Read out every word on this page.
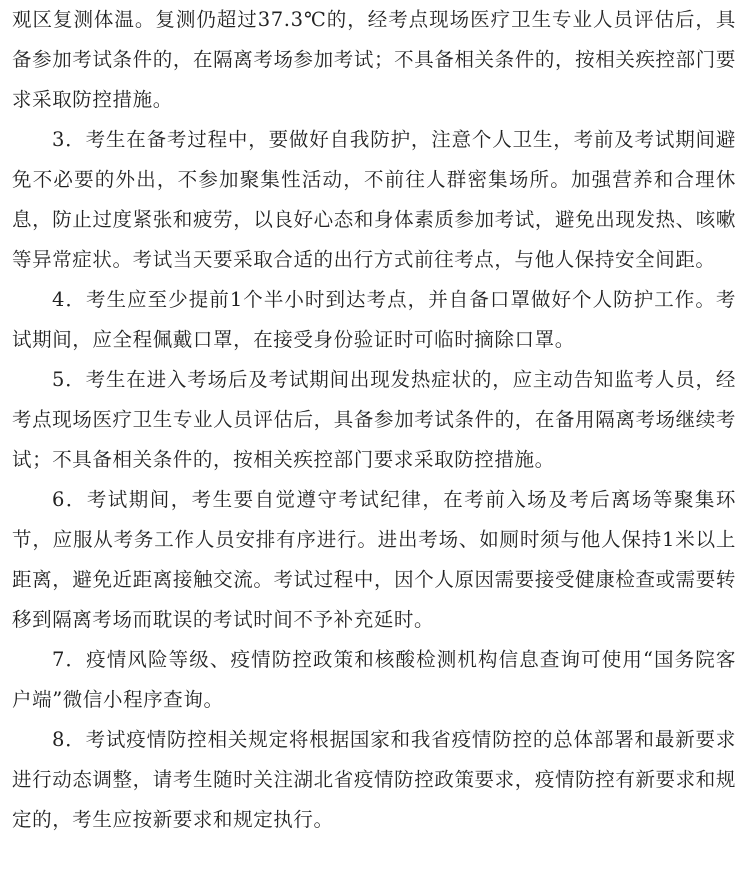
观区复测体温。复测仍超过37.3℃的，经考点现场医疗卫生专业人员评估后，具备参加考试条件的，在隔离考场参加考试；不具备相关条件的，按相关疾控部门要求采取防控措施。

3．考生在备考过程中，要做好自我防护，注意个人卫生，考前及考试期间避免不必要的外出，不参加聚集性活动，不前往人群密集场所。加强营养和合理休息，防止过度紧张和疲劳，以良好心态和身体素质参加考试，避免出现发热、咳嗽等异常症状。考试当天要采取合适的出行方式前往考点，与他人保持安全间距。

4．考生应至少提前1个半小时到达考点，并自备口罩做好个人防护工作。考试期间，应全程佩戴口罩，在接受身份验证时可临时摘除口罩。

5．考生在进入考场后及考试期间出现发热症状的，应主动告知监考人员，经考点现场医疗卫生专业人员评估后，具备参加考试条件的，在备用隔离考场继续考试；不具备相关条件的，按相关疾控部门要求采取防控措施。

6．考试期间，考生要自觉遵守考试纪律，在考前入场及考后离场等聚集环节，应服从考务工作人员安排有序进行。进出考场、如厕时须与他人保持1米以上距离，避免近距离接触交流。考试过程中，因个人原因需要接受健康检查或需要转移到隔离考场而耽误的考试时间不予补充延时。

7．疫情风险等级、疫情防控政策和核酸检测机构信息查询可使用“国务院客户端”微信小程序查询。

8．考试疫情防控相关规定将根据国家和我省疫情防控的总体部署和最新要求进行动态调整，请考生随时关注湖北省疫情防控政策要求，疫情防控有新要求和规定的，考生应按新要求和规定执行。
